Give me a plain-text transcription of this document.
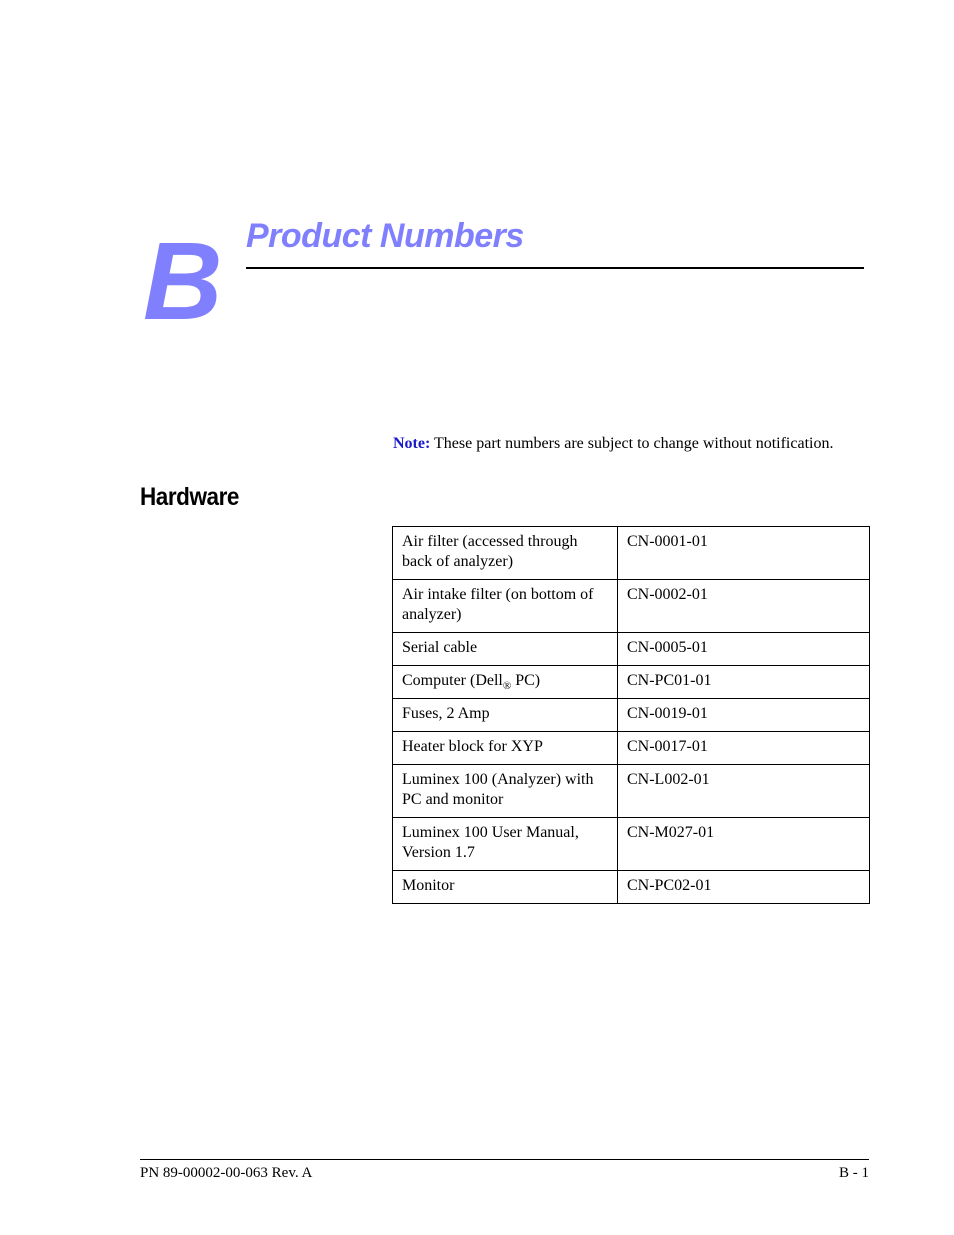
B Product Numbers
Note: These part numbers are subject to change without notification.
Hardware
Air filter (accessed through back of analyzer)	CN-0001-01
Air intake filter (on bottom of analyzer)	CN-0002-01
Serial cable	CN-0005-01
Computer (Dell$_®$ PC)	CN-PC01-01
Fuses, 2 Amp	CN-0019-01
Heater block for XYP	CN-0017-01
Luminex 100 (Analyzer) with PC and monitor	CN-L002-01
Luminex 100 User Manual, Version 1.7	CN-M027-01
Monitor	CN-PC02-01
PN 89-00002-00-063 Rev. A	B - 1
